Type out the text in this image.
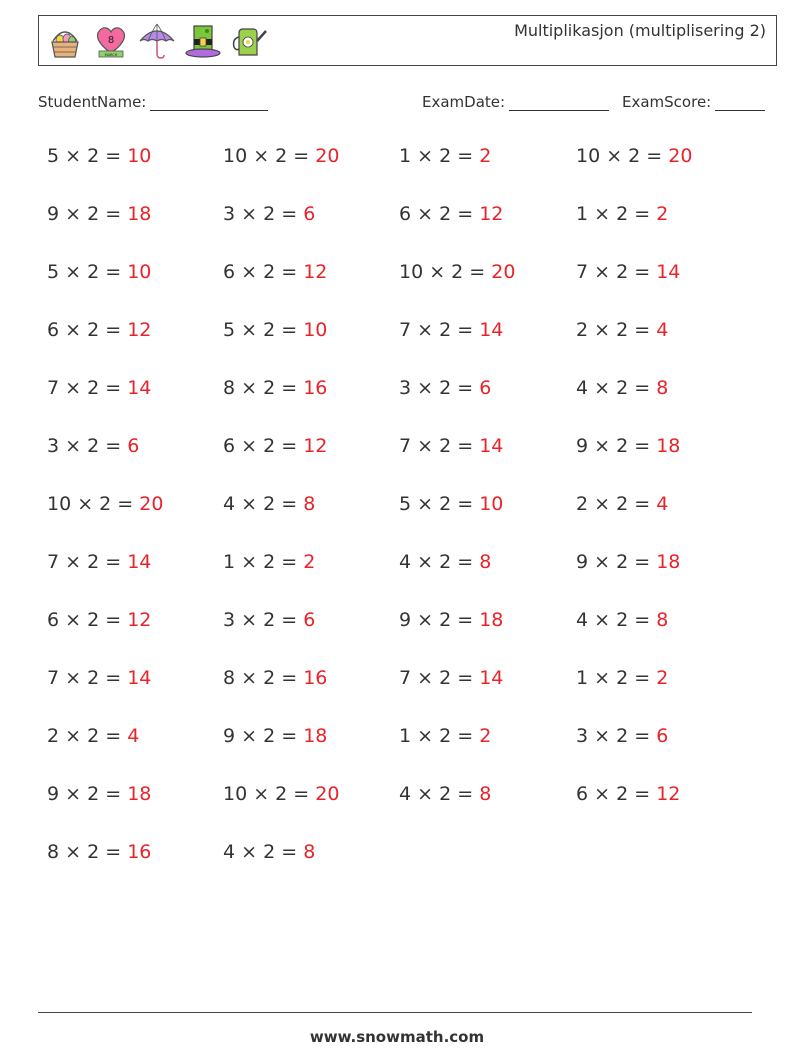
8
MARCH
Multiplikasjon (multiplisering 2)
StudentName:	ExamDate:	ExamScore:
5 × 2 = 10	10 × 2 = 20	1 × 2 = 2	10 × 2 = 20
9 × 2 = 18	3 × 2 = 6	6 × 2 = 12	1 × 2 = 2
5 × 2 = 10	6 × 2 = 12	10 × 2 = 20	7 × 2 = 14
6 × 2 = 12	5 × 2 = 10	7 × 2 = 14	2 × 2 = 4
7 × 2 = 14	8 × 2 = 16	3 × 2 = 6	4 × 2 = 8
3 × 2 = 6	6 × 2 = 12	7 × 2 = 14	9 × 2 = 18
10 × 2 = 20	4 × 2 = 8	5 × 2 = 10	2 × 2 = 4
7 × 2 = 14	1 × 2 = 2	4 × 2 = 8	9 × 2 = 18
6 × 2 = 12	3 × 2 = 6	9 × 2 = 18	4 × 2 = 8
7 × 2 = 14	8 × 2 = 16	7 × 2 = 14	1 × 2 = 2
2 × 2 = 4	9 × 2 = 18	1 × 2 = 2	3 × 2 = 6
9 × 2 = 18	10 × 2 = 20	4 × 2 = 8	6 × 2 = 12
8 × 2 = 16	4 × 2 = 8
www.snowmath.com
